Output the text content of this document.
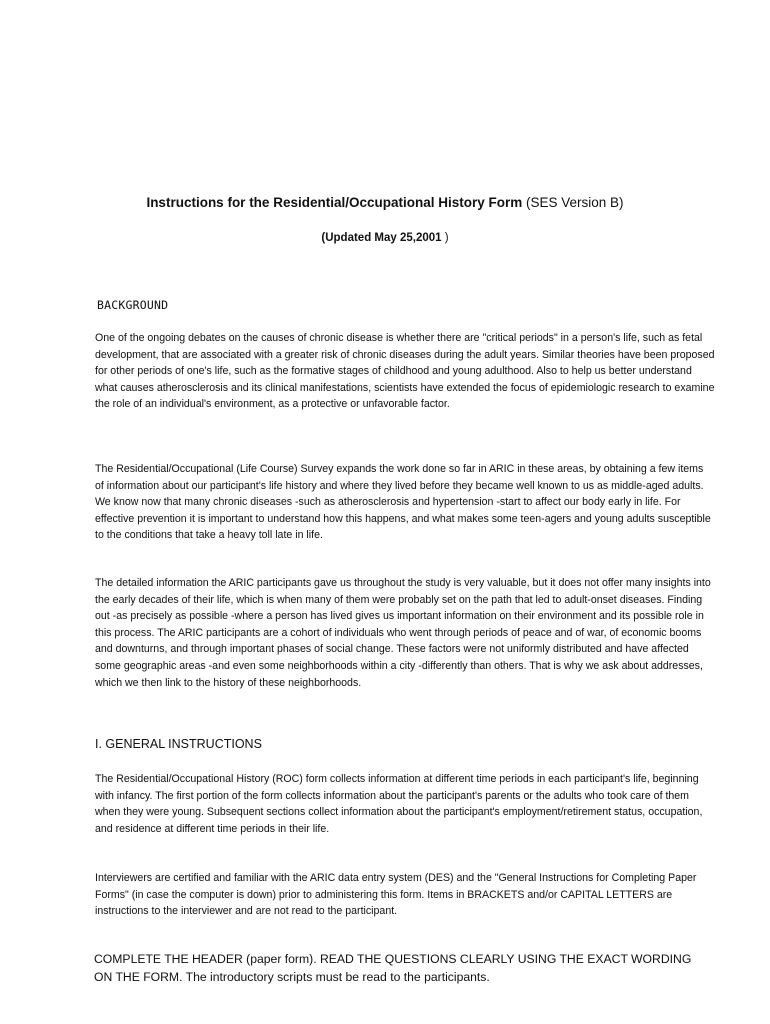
Instructions for the Residential/Occupational History Form (SES Version B)
(Updated May 25,2001 )
BACKGROUND

One of the ongoing debates on the causes of chronic disease is whether there are "critical periods" in a person's life, such as fetal development, that are associated with a greater risk of chronic diseases during the adult years. Similar theories have been proposed for other periods of one's life, such as the formative stages of childhood and young adulthood. Also to help us better understand what causes atherosclerosis and its clinical manifestations, scientists have extended the focus of epidemiologic research to examine the role of an individual's environment, as a protective or unfavorable factor.

The Residential/Occupational (Life Course) Survey expands the work done so far in ARIC in these areas, by obtaining a few items of information about our participant's life history and where they lived before they became well known to us as middle-aged adults. We know now that many chronic diseases -such as atherosclerosis and hypertension -start to affect our body early in life. For effective prevention it is important to understand how this happens, and what makes some teen-agers and young adults susceptible to the conditions that take a heavy toll late in life.

The detailed information the ARIC participants gave us throughout the study is very valuable, but it does not offer many insights into the early decades of their life, which is when many of them were probably set on the path that led to adult-onset diseases. Finding out -as precisely as possible -where a person has lived gives us important information on their environment and its possible role in this process. The ARIC participants are a cohort of individuals who went through periods of peace and of war, of economic booms and downturns, and through important phases of social change. These factors were not uniformly distributed and have affected some geographic areas -and even some neighborhoods within a city -differently than others. That is why we ask about addresses, which we then link to the history of these neighborhoods.

I. GENERAL INSTRUCTIONS

The Residential/Occupational History (ROC) form collects information at different time periods in each participant's life, beginning with infancy. The first portion of the form collects information about the participant's parents or the adults who took care of them when they were young. Subsequent sections collect information about the participant's employment/retirement status, occupation, and residence at different time periods in their life.

Interviewers are certified and familiar with the ARIC data entry system (DES) and the "General Instructions for Completing Paper Forms" (in case the computer is down) prior to administering this form. Items in BRACKETS and/or CAPITAL LETTERS are instructions to the interviewer and are not read to the participant.

COMPLETE THE HEADER (paper form). READ THE QUESTIONS CLEARLY USING THE EXACT WORDING ON THE FORM. The introductory scripts must be read to the participants.
